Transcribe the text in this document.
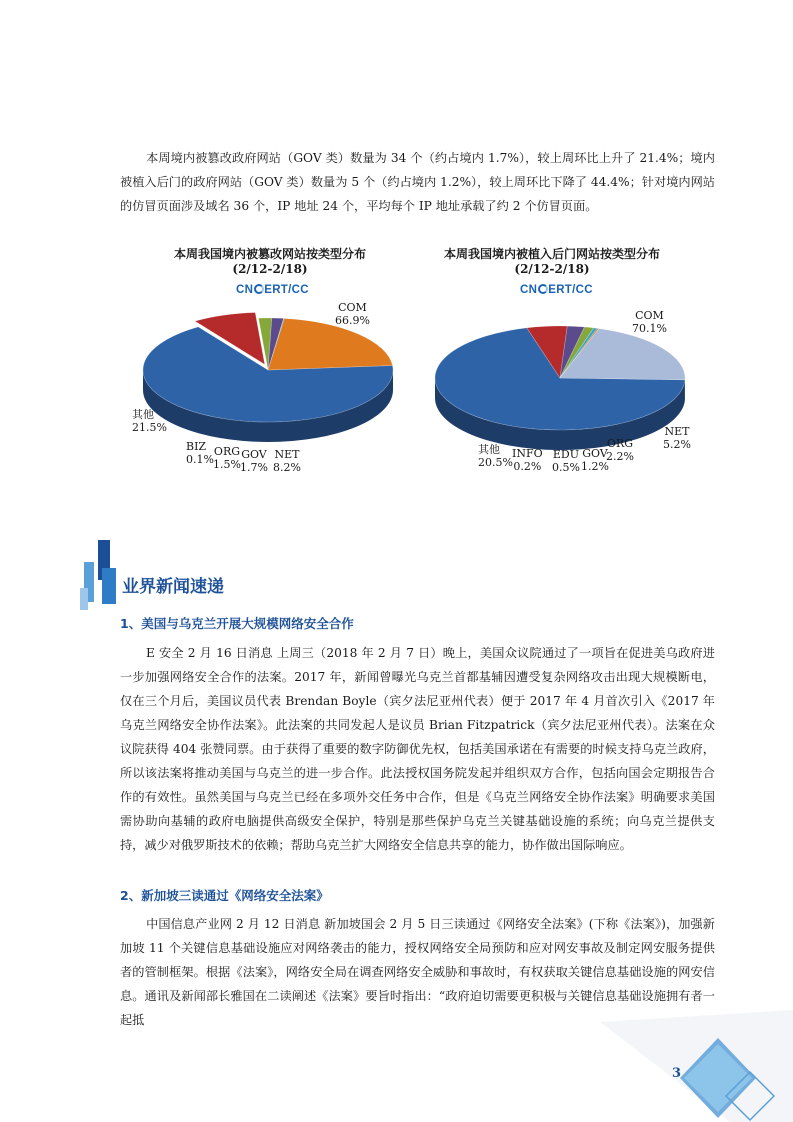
本周境内被篡改政府网站（GOV 类）数量为 34 个（约占境内 1.7%），较上周环比上升了 21.4%；境内被植入后门的政府网站（GOV 类）数量为 5 个（约占境内 1.2%），较上周环比下降了 44.4%；针对境内网站的仿冒页面涉及域名 36 个，IP 地址 24 个，平均每个 IP 地址承载了约 2 个仿冒页面。
本周我国境内被篡改网站按类型分布
(2/12-2/18)
CN ERT/CC
COM
66.9%
其他
21.5%
BIZ
0.1%
ORG
1.5%
GOV
1.7%
NET
8.2%
本周我国境内被植入后门网站按类型分布
(2/12-2/18)
CN ERT/CC
COM
70.1%
NET
5.2%
ORG
2.2%
GOV
1.2%
EDU
0.5%
INFO
0.2%
其他
20.5%
业界新闻速递
1、美国与乌克兰开展大规模网络安全合作
E 安全 2 月 16 日消息 上周三（2018 年 2 月 7 日）晚上，美国众议院通过了一项旨在促进美乌政府进一步加强网络安全合作的法案。2017 年，新闻曾曝光乌克兰首都基辅因遭受复杂网络攻击出现大规模断电，仅在三个月后，美国议员代表 Brendan Boyle（宾夕法尼亚州代表）便于 2017 年 4 月首次引入《2017 年乌克兰网络安全协作法案》。此法案的共同发起人是议员 Brian Fitzpatrick（宾夕法尼亚州代表）。法案在众议院获得 404 张赞同票。由于获得了重要的数字防御优先权，包括美国承诺在有需要的时候支持乌克兰政府，所以该法案将推动美国与乌克兰的进一步合作。此法授权国务院发起并组织双方合作，包括向国会定期报告合作的有效性。虽然美国与乌克兰已经在多项外交任务中合作，但是《乌克兰网络安全协作法案》明确要求美国需协助向基辅的政府电脑提供高级安全保护，特别是那些保护乌克兰关键基础设施的系统；向乌克兰提供支持，减少对俄罗斯技术的依赖；帮助乌克兰扩大网络安全信息共享的能力，协作做出国际响应。
2、新加坡三读通过《网络安全法案》
中国信息产业网 2 月 12 日消息 新加坡国会 2 月 5 日三读通过《网络安全法案》(下称《法案》)，加强新加坡 11 个关键信息基础设施应对网络袭击的能力，授权网络安全局预防和应对网安事故及制定网安服务提供者的管制框架。根据《法案》，网络安全局在调查网络安全威胁和事故时，有权获取关键信息基础设施的网安信息。通讯及新闻部长雅国在二读阐述《法案》要旨时指出：“政府迫切需要更积极与关键信息基础设施拥有者一起抵
3
